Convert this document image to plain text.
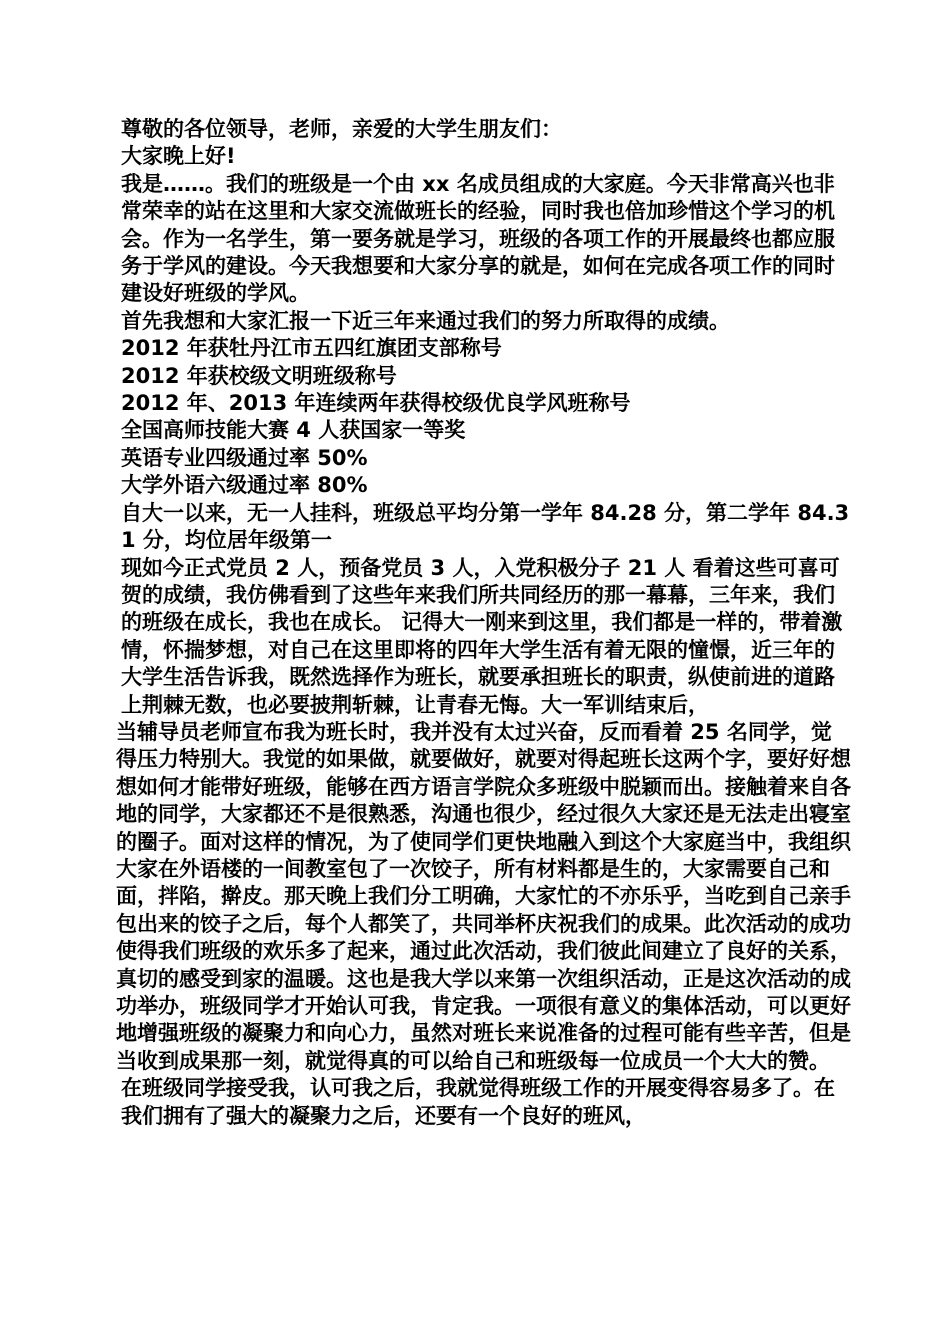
尊敬的各位领导，老师，亲爱的大学生朋友们：

大家晚上好!

我是……。我们的班级是一个由 xx 名成员组成的大家庭。今天非常高兴也非常荣幸的站在这里和大家交流做班长的经验，同时我也倍加珍惜这个学习的机会。作为一名学生，第一要务就是学习，班级的各项工作的开展最终也都应服务于学风的建设。今天我想要和大家分享的就是，如何在完成各项工作的同时建设好班级的学风。

首先我想和大家汇报一下近三年来通过我们的努力所取得的成绩。

2012 年获牡丹江市五四红旗团支部称号

2012 年获校级文明班级称号

2012 年、2013 年连续两年获得校级优良学风班称号

全国高师技能大赛 4 人获国家一等奖

英语专业四级通过率 50%

大学外语六级通过率 80%

自大一以来，无一人挂科，班级总平均分第一学年 84.28 分，第二学年 84.31 分，均位居年级第一

现如今正式党员 2 人，预备党员 3 人，入党积极分子 21 人 看着这些可喜可贺的成绩，我仿佛看到了这些年来我们所共同经历的那一幕幕，三年来，我们的班级在成长，我也在成长。 记得大一刚来到这里，我们都是一样的，带着激情，怀揣梦想，对自己在这里即将的四年大学生活有着无限的憧憬，近三年的大学生活告诉我，既然选择作为班长，就要承担班长的职责，纵使前进的道路上荆棘无数，也必要披荆斩棘，让青春无悔。大一军训结束后，

当辅导员老师宣布我为班长时，我并没有太过兴奋，反而看着 25 名同学，觉得压力特别大。我觉的如果做，就要做好，就要对得起班长这两个字，要好好想想如何才能带好班级，能够在西方语言学院众多班级中脱颖而出。接触着来自各地的同学，大家都还不是很熟悉，沟通也很少，经过很久大家还是无法走出寝室的圈子。面对这样的情况，为了使同学们更快地融入到这个大家庭当中，我组织大家在外语楼的一间教室包了一次饺子，所有材料都是生的，大家需要自己和面，拌陷，擀皮。那天晚上我们分工明确，大家忙的不亦乐乎，当吃到自己亲手包出来的饺子之后，每个人都笑了，共同举杯庆祝我们的成果。此次活动的成功使得我们班级的欢乐多了起来，通过此次活动，我们彼此间建立了良好的关系，真切的感受到家的温暖。这也是我大学以来第一次组织活动，正是这次活动的成功举办，班级同学才开始认可我，肯定我。一项很有意义的集体活动，可以更好地增强班级的凝聚力和向心力，虽然对班长来说准备的过程可能有些辛苦，但是当收到成果那一刻，就觉得真的可以给自己和班级每一位成员一个大大的赞。

在班级同学接受我，认可我之后，我就觉得班级工作的开展变得容易多了。在我们拥有了强大的凝聚力之后，还要有一个良好的班风，
